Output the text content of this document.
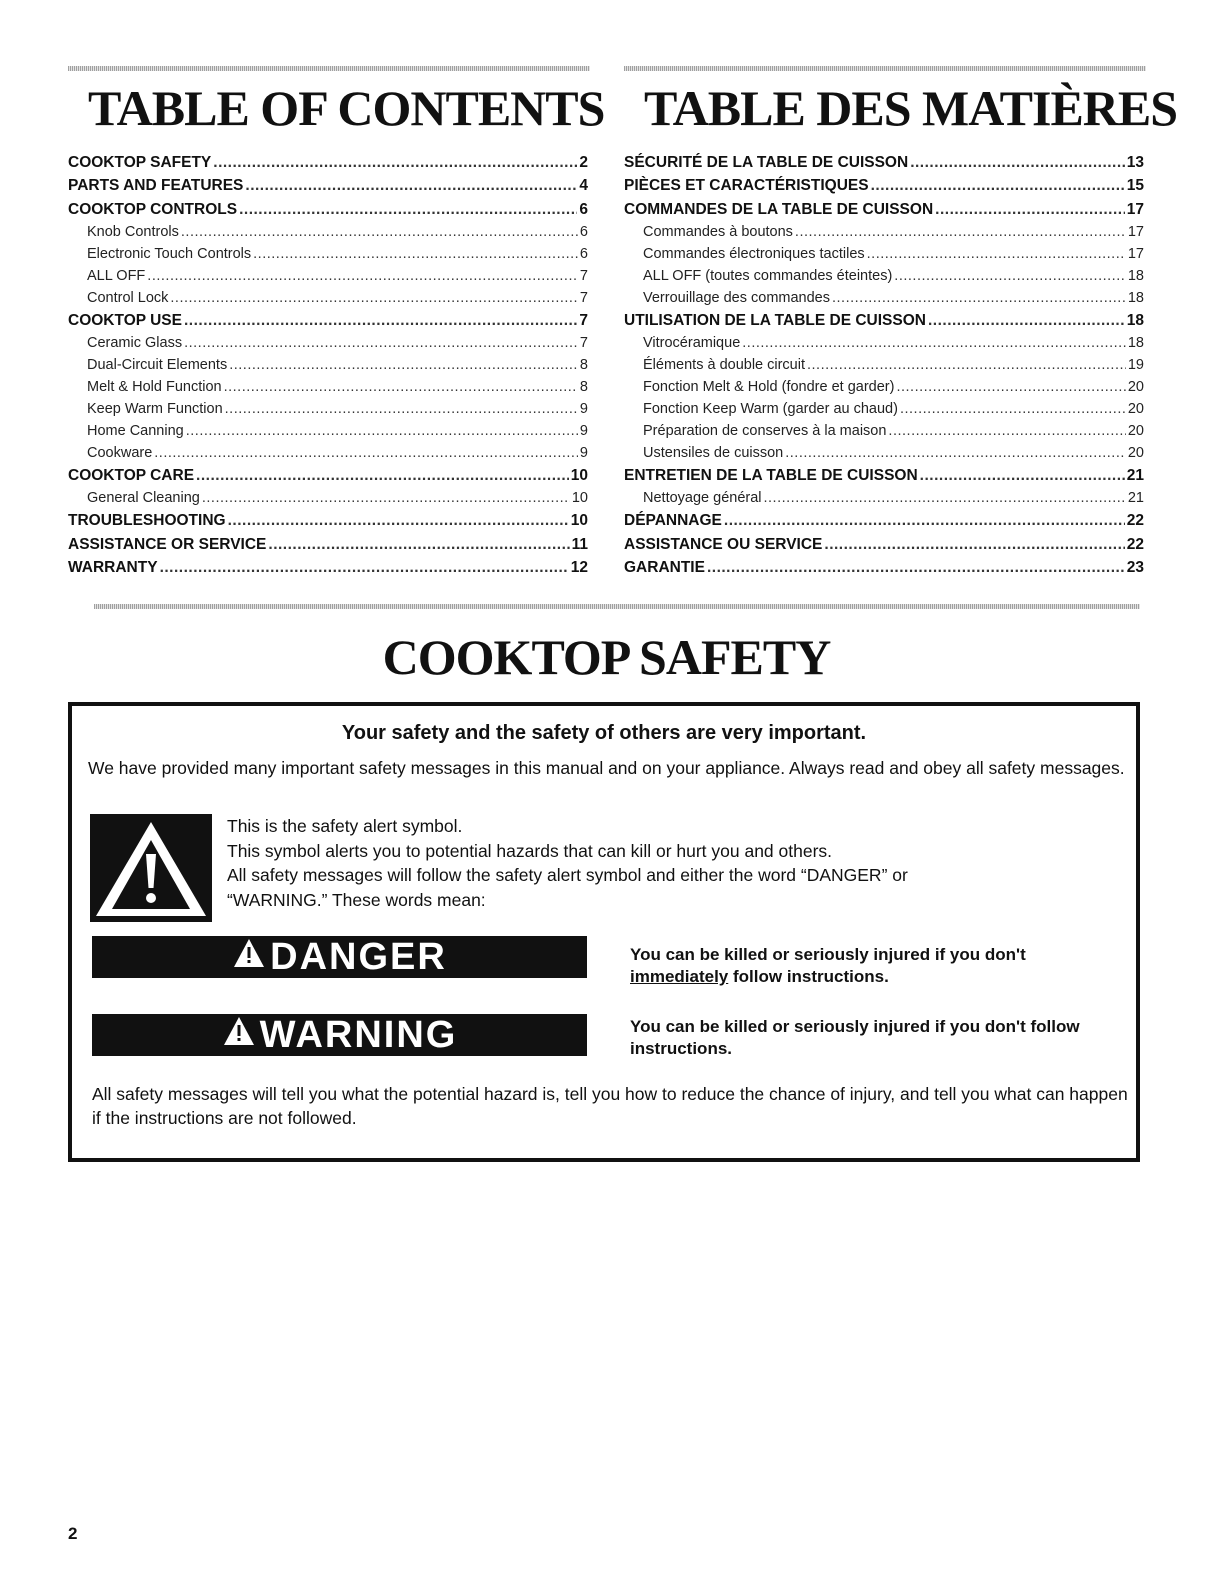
TABLE OF CONTENTS
COOKTOP SAFETY .....	2
PARTS AND FEATURES .....	4
COOKTOP CONTROLS .....	6
Knob Controls .....	6
Electronic Touch Controls .....	6
ALL OFF .....	7
Control Lock .....	7
COOKTOP USE .....	7
Ceramic Glass .....	7
Dual-Circuit Elements .....	8
Melt & Hold Function .....	8
Keep Warm Function .....	9
Home Canning .....	9
Cookware .....	9
COOKTOP CARE .....	10
General Cleaning .....	10
TROUBLESHOOTING .....	10
ASSISTANCE OR SERVICE .....	11
WARRANTY .....	12
TABLE DES MATIÈRES
SÉCURITÉ DE LA TABLE DE CUISSON .....	13
PIÈCES ET CARACTÉRISTIQUES .....	15
COMMANDES DE LA TABLE DE CUISSON .....	17
Commandes à boutons .....	17
Commandes électroniques tactiles .....	17
ALL OFF (toutes commandes éteintes) .....	18
Verrouillage des commandes .....	18
UTILISATION DE LA TABLE DE CUISSON .....	18
Vitrocéramique .....	18
Éléments à double circuit .....	19
Fonction Melt & Hold (fondre et garder) .....	20
Fonction Keep Warm (garder au chaud) .....	20
Préparation de conserves à la maison .....	20
Ustensiles de cuisson .....	20
ENTRETIEN DE LA TABLE DE CUISSON .....	21
Nettoyage général .....	21
DÉPANNAGE .....	22
ASSISTANCE OU SERVICE .....	22
GARANTIE .....	23
COOKTOP SAFETY
Your safety and the safety of others are very important.
We have provided many important safety messages in this manual and on your appliance. Always read and obey all safety messages.
This is the safety alert symbol.
This symbol alerts you to potential hazards that can kill or hurt you and others.
All safety messages will follow the safety alert symbol and either the word “DANGER” or
“WARNING.” These words mean:
DANGER	You can be killed or seriously injured if you don't
immediately follow instructions.
WARNING	You can be killed or seriously injured if you don't follow instructions.
All safety messages will tell you what the potential hazard is, tell you how to reduce the chance of injury, and tell you what can happen if the instructions are not followed.
2
